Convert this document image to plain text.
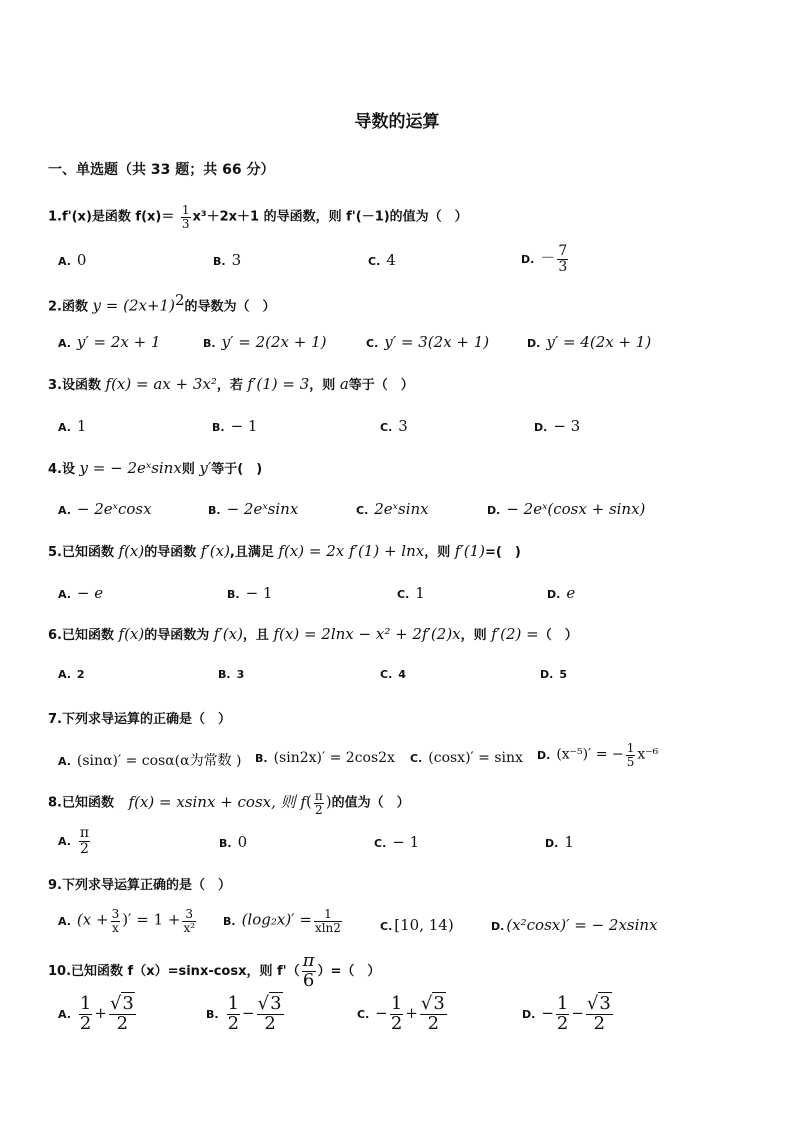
导数的运算
一、单选题（共 33 题；共 66 分）
1.f'(x)是函数 $f(x)= \frac{1}{3} x^3+2x+1$ 的导函数，则 f'(－1)的值为（　）
A. 0	B. 3	C. 4	D. － $\frac{7}{3}$
2.函数 $y = (2x+1)^2$的导数为（　）
A. y′ = 2x + 1	B. y′ = 2(2x + 1)	C. y′ = 3(2x + 1)	D. y′ = 4(2x + 1)
3.设函数 f(x) = ax + 3x²，若 f′(1) = 3，则 a等于（　）
A. 1	B. − 1	C. 3	D. − 3
4.设 y = − 2eˣsinx则 y′等于(　)
A. − 2eˣcosx	B. − 2eˣsinx	C. 2eˣsinx	D. − 2eˣ(cosx + sinx)
5.已知函数 f(x)的导函数 f′(x),且满足 f(x) = 2x f′(1) + lnx，则 f′(1)=(　)
A. − e	B. − 1	C. 1	D. e
6.已知函数 f(x)的导函数为 f′(x)，且 f(x) = 2lnx − x² + 2f′(2)x，则 f′(2) =（　）
A. 2	B. 3	C. 4	D. 5
7.下列求导运算的正确是（　）
A. (sinα)′ = cosα(α为常数 ) B. (sin2x)′ = 2cos2x C. (cosx)′ = sinx D. (x⁻⁵)′ = − $\frac{1}{5} x^{-6}$
8.已知函数 f(x) = xsinx + cosx, 则 $f( \frac{\pi}{2}$ )的值为（　）
A. $\frac{\pi}{2}$	B. 0	C. − 1	D. 1
9.下列求导运算正确的是（　）
A. ($x + \frac{3}{x}$ )′ = $1 + \frac{3}{\text{x²}} B$. $(\log_2x)' = \frac{1}{xln2}$	C. [10, 14)	D. (x²cosx)′ = − 2xsinx
10.已知函数 f（x）=sinx-cosx，则 $f'( \frac{\pi}{6}$ ）=（　）
A. $\frac{1}{2} + \frac{√3}{2}$	B. $\frac{1}{2} - \frac{√3}{2}$	C. − $\frac{1}{2} + \frac{√3}{2}$	D. − $\frac{1}{2} - \frac{√3}{2}$
